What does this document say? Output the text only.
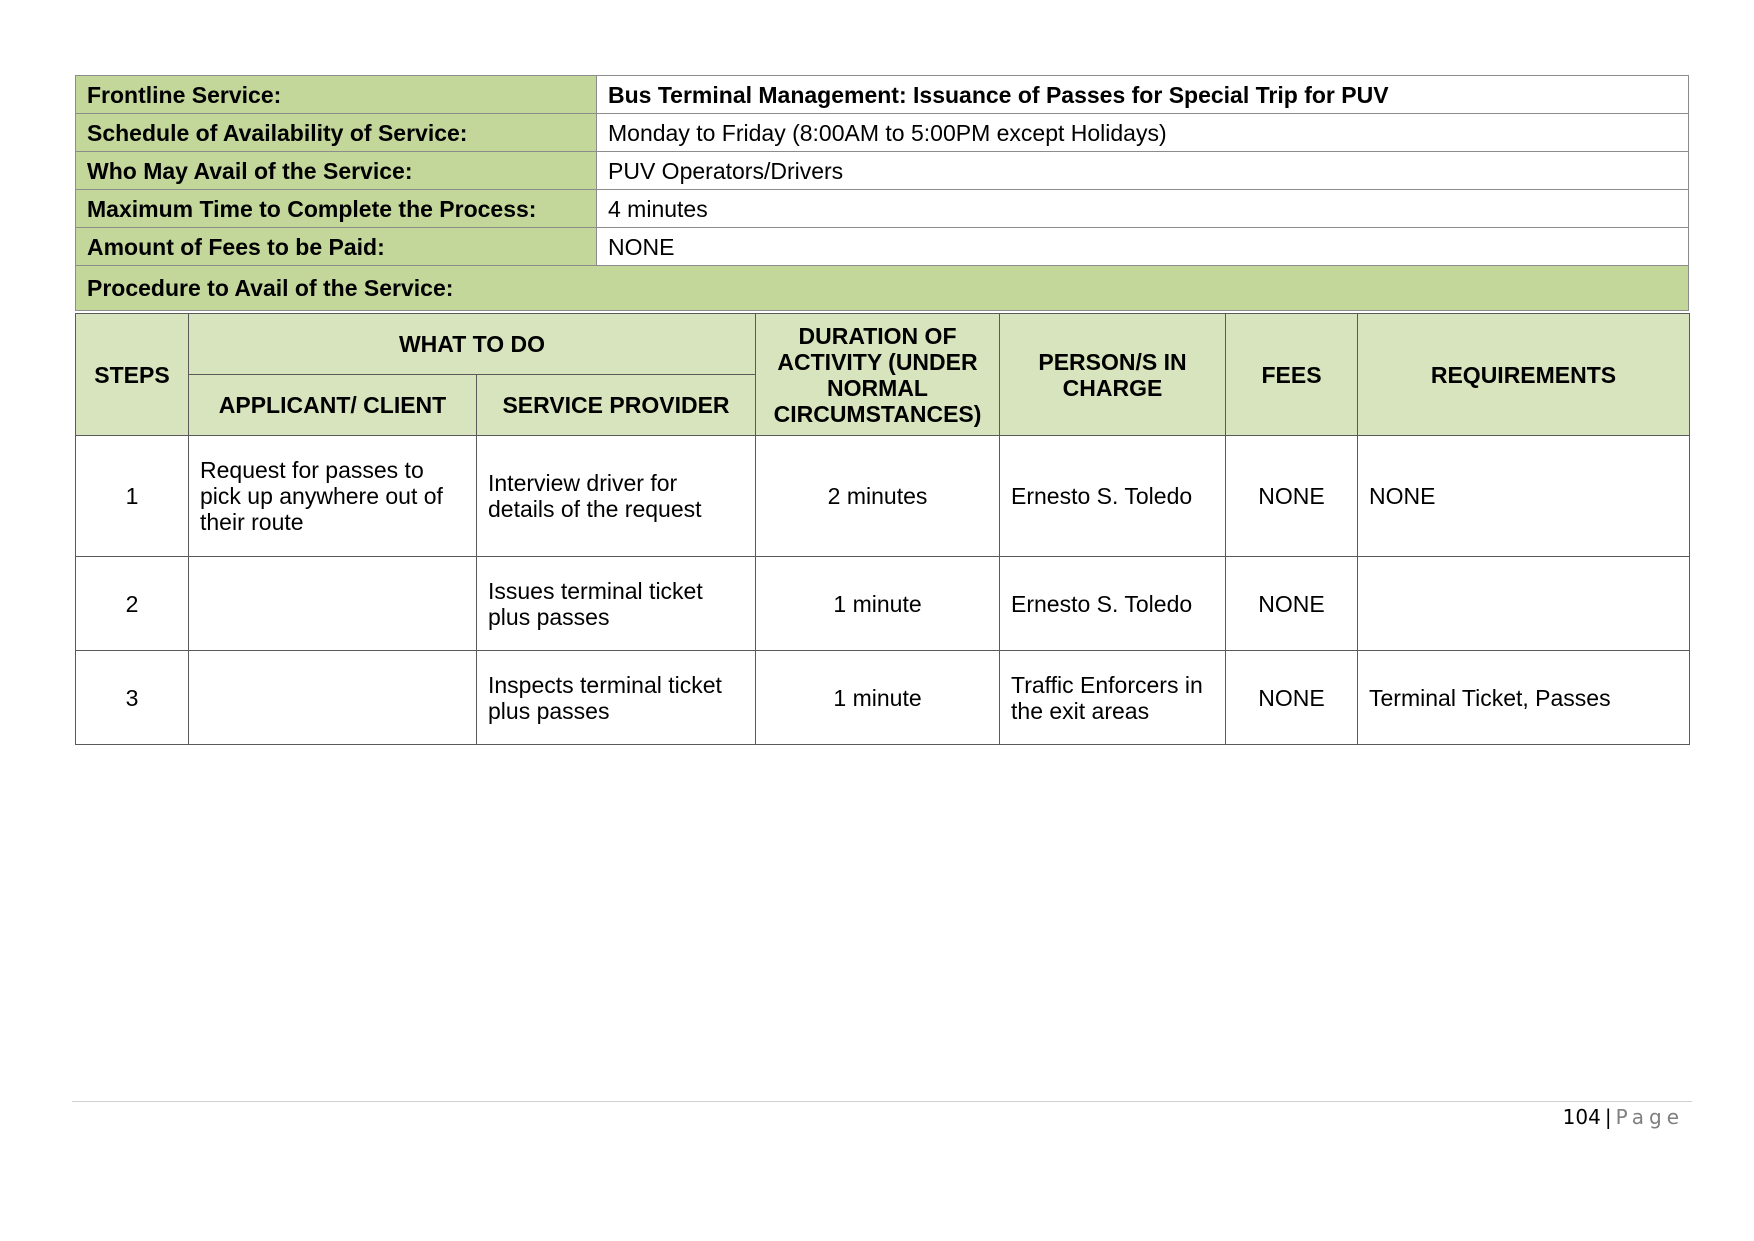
Frontline Service:	Bus Terminal Management: Issuance of Passes for Special Trip for PUV
Schedule of Availability of Service:	Monday to Friday (8:00AM to 5:00PM except Holidays)
Who May Avail of the Service:	PUV Operators/Drivers
Maximum Time to Complete the Process:	4 minutes
Amount of Fees to be Paid:	NONE
Procedure to Avail of the Service:	
STEPS	WHAT TO DO		DURATION OF ACTIVITY (UNDER NORMAL CIRCUMSTANCES)	PERSON/S IN CHARGE	FEES	REQUIREMENTS
	APPLICANT/ CLIENT	SERVICE PROVIDER				
1	Request for passes to pick up anywhere out of their route	Interview driver for details of the request	2 minutes	Ernesto S. Toledo	NONE	NONE
2		Issues terminal ticket plus passes	1 minute	Ernesto S. Toledo	NONE	
3		Inspects terminal ticket plus passes	1 minute	Traffic Enforcers in the exit areas	NONE	Terminal Ticket, Passes
104 | Page
